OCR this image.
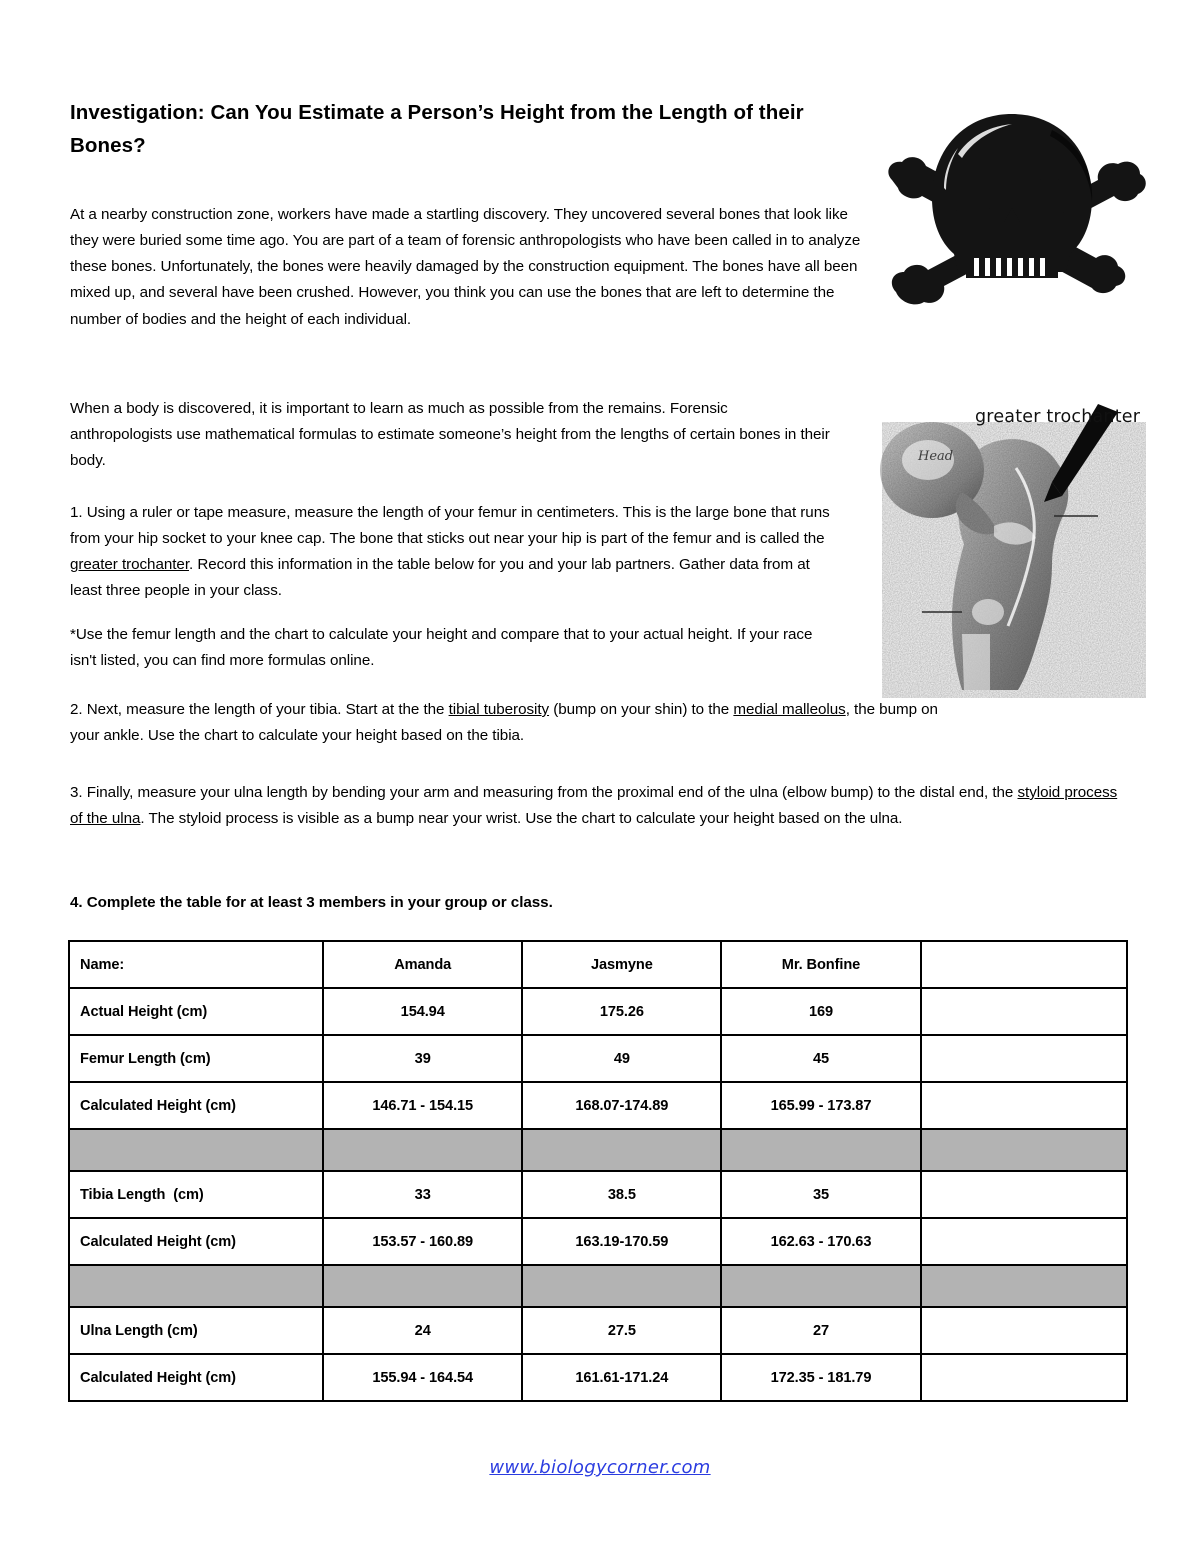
Investigation: Can You Estimate a Person’s Height from the Length of their Bones?
At a nearby construction zone, workers have made a startling discovery. They uncovered several bones that look like they were buried some time ago. You are part of a team of forensic anthropologists who have been called in to analyze these bones. Unfortunately, the bones were heavily damaged by the construction equipment. The bones have all been mixed up, and several have been crushed. However, you think you can use the bones that are left to determine the number of bodies and the height of each individual.
When a body is discovered, it is important to learn as much as possible from the remains. Forensic anthropologists use mathematical formulas to estimate someone’s height from the lengths of certain bones in their body.
1. Using a ruler or tape measure, measure the length of your femur in centimeters. This is the large bone that runs from your hip socket to your knee cap. The bone that sticks out near your hip is part of the femur and is called the greater trochanter. Record this information in the table below for you and your lab partners. Gather data from at least three people in your class.
*Use the femur length and the chart to calculate your height and compare that to your actual height. If your race isn't listed, you can find more formulas online.
2. Next, measure the length of your tibia. Start at the the tibial tuberosity (bump on your shin) to the medial malleolus, the bump on your ankle. Use the chart to calculate your height based on the tibia.
3. Finally, measure your ulna length by bending your arm and measuring from the proximal end of the ulna (elbow bump) to the distal end, the styloid process of the ulna. The styloid process is visible as a bump near your wrist. Use the chart to calculate your height based on the ulna.
4. Complete the table for at least 3 members in your group or class.
Head
greater trochanter
Name:	Amanda	Jasmyne	Mr. Bonfine	
Actual Height (cm)	154.94	175.26	169	
Femur Length (cm)	39	49	45	
Calculated Height (cm)	146.71 - 154.15	168.07-174.89	165.99 - 173.87	

Tibia Length  (cm)	33	38.5	35	
Calculated Height (cm)	153.57 - 160.89	163.19-170.59	162.63 - 170.63	

Ulna Length (cm)	24	27.5	27	
Calculated Height (cm)	155.94 - 164.54	161.61-171.24	172.35 - 181.79	
www.biologycorner.com
